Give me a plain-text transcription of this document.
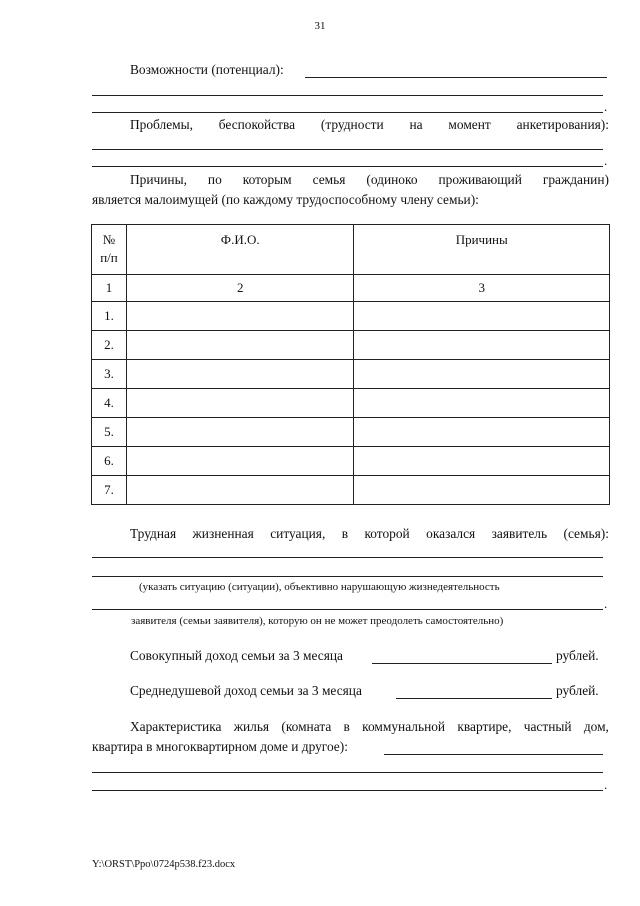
31
Возможности (потенциал):
.
Проблемы, беспокойства (трудности на момент анкетирования):
.
Причины, по которым семья (одиноко проживающий гражданин)
является малоимущей (по каждому трудоспособному члену семьи):
№
п/п	Ф.И.О.	Причины
1	2	3
1.		
2.		
3.		
4.		
5.		
6.		
7.		
Трудная жизненная ситуация, в которой оказался заявитель (семья):
(указать ситуацию (ситуации), объективно нарушающую жизнедеятельность
.
заявителя (семьи заявителя), которую он не может преодолеть самостоятельно)
Совокупный доход семьи за 3 месяца	рублей.
Среднедушевой доход семьи за 3 месяца	рублей.
Характеристика жилья (комната в коммунальной квартире, частный дом,
квартира в многоквартирном доме и другое):
.
Y:\ORST\Ppo\0724p538.f23.docx
